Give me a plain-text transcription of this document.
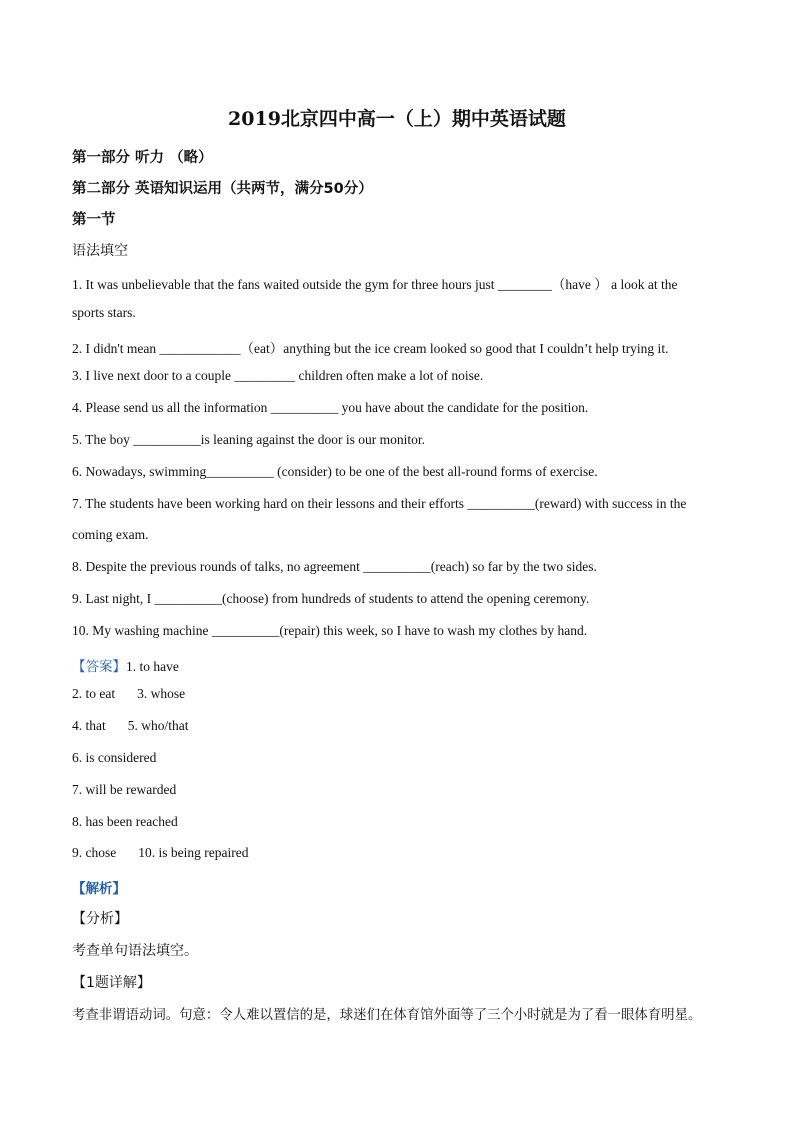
2019北京四中高一（上）期中英语试题
第一部分 听力 （略）
第二部分 英语知识运用（共两节，满分50分）
第一节
语法填空
1. It was unbelievable that the fans waited outside the gym for three hours just ________（have ） a look at the
sports stars.
2. I didn't mean ____________（eat）anything but the ice cream looked so good that I couldn’t help trying it.
3. I live next door to a couple _________ children often make a lot of noise.
4. Please send us all the information __________ you have about the candidate for the position.
5. The boy __________is leaning against the door is our monitor.
6. Nowadays, swimming__________ (consider) to be one of the best all-round forms of exercise.
7. The students have been working hard on their lessons and their efforts __________(reward) with success in the
coming exam.
8. Despite the previous rounds of talks, no agreement __________(reach) so far by the two sides.
9. Last night, I __________(choose) from hundreds of students to attend the opening ceremony.
10. My washing machine __________(repair) this week, so I have to wash my clothes by hand.
【答案】1. to have
2. to eat 3. whose
4. that 5. who/that
6. is considered
7. will be rewarded
8. has been reached
9. chose 10. is being repaired
【解析】
【分析】
考查单句语法填空。
【1题详解】
考查非谓语动词。句意：令人难以置信的是，球迷们在体育馆外面等了三个小时就是为了看一眼体育明星。
